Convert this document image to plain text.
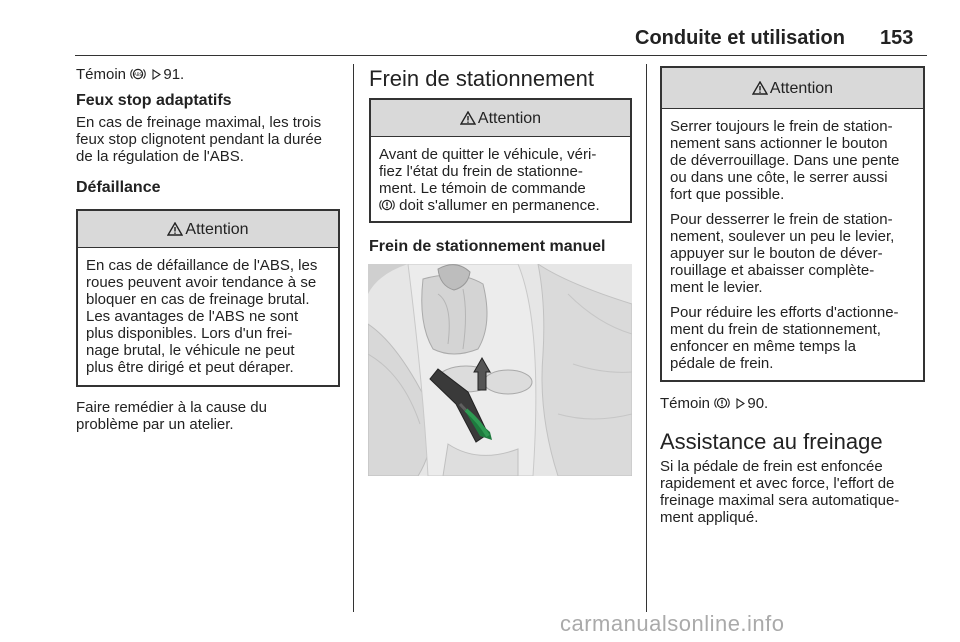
Conduite et utilisation 153

Témoin ABS 91.

Feux stop adaptatifs

En cas de freinage maximal, les trois
feux stop clignotent pendant la durée
de la régulation de l'ABS.

Défaillance

Attention

En cas de défaillance de l'ABS, les
roues peuvent avoir tendance à se
bloquer en cas de freinage brutal.
Les avantages de l'ABS ne sont
plus disponibles. Lors d'un frei-
nage brutal, le véhicule ne peut
plus être dirigé et peut déraper.

Faire remédier à la cause du
problème par un atelier.

Frein de stationnement

Attention

Avant de quitter le véhicule, véri-
fiez l'état du frein de stationne-
ment. Le témoin de commande
doit s'allumer en permanence.

Frein de stationnement manuel

Attention

Serrer toujours le frein de station-
nement sans actionner le bouton
de déverrouillage. Dans une pente
ou dans une côte, le serrer aussi
fort que possible.

Pour desserrer le frein de station-
nement, soulever un peu le levier,
appuyer sur le bouton de déver-
rouillage et abaisser complète-
ment le levier.

Pour réduire les efforts d'actionne-
ment du frein de stationnement,
enfoncer en même temps la
pédale de frein.

Témoin 90.

Assistance au freinage

Si la pédale de frein est enfoncée
rapidement et avec force, l'effort de
freinage maximal sera automatique-
ment appliqué.

carmanualsonline.info
